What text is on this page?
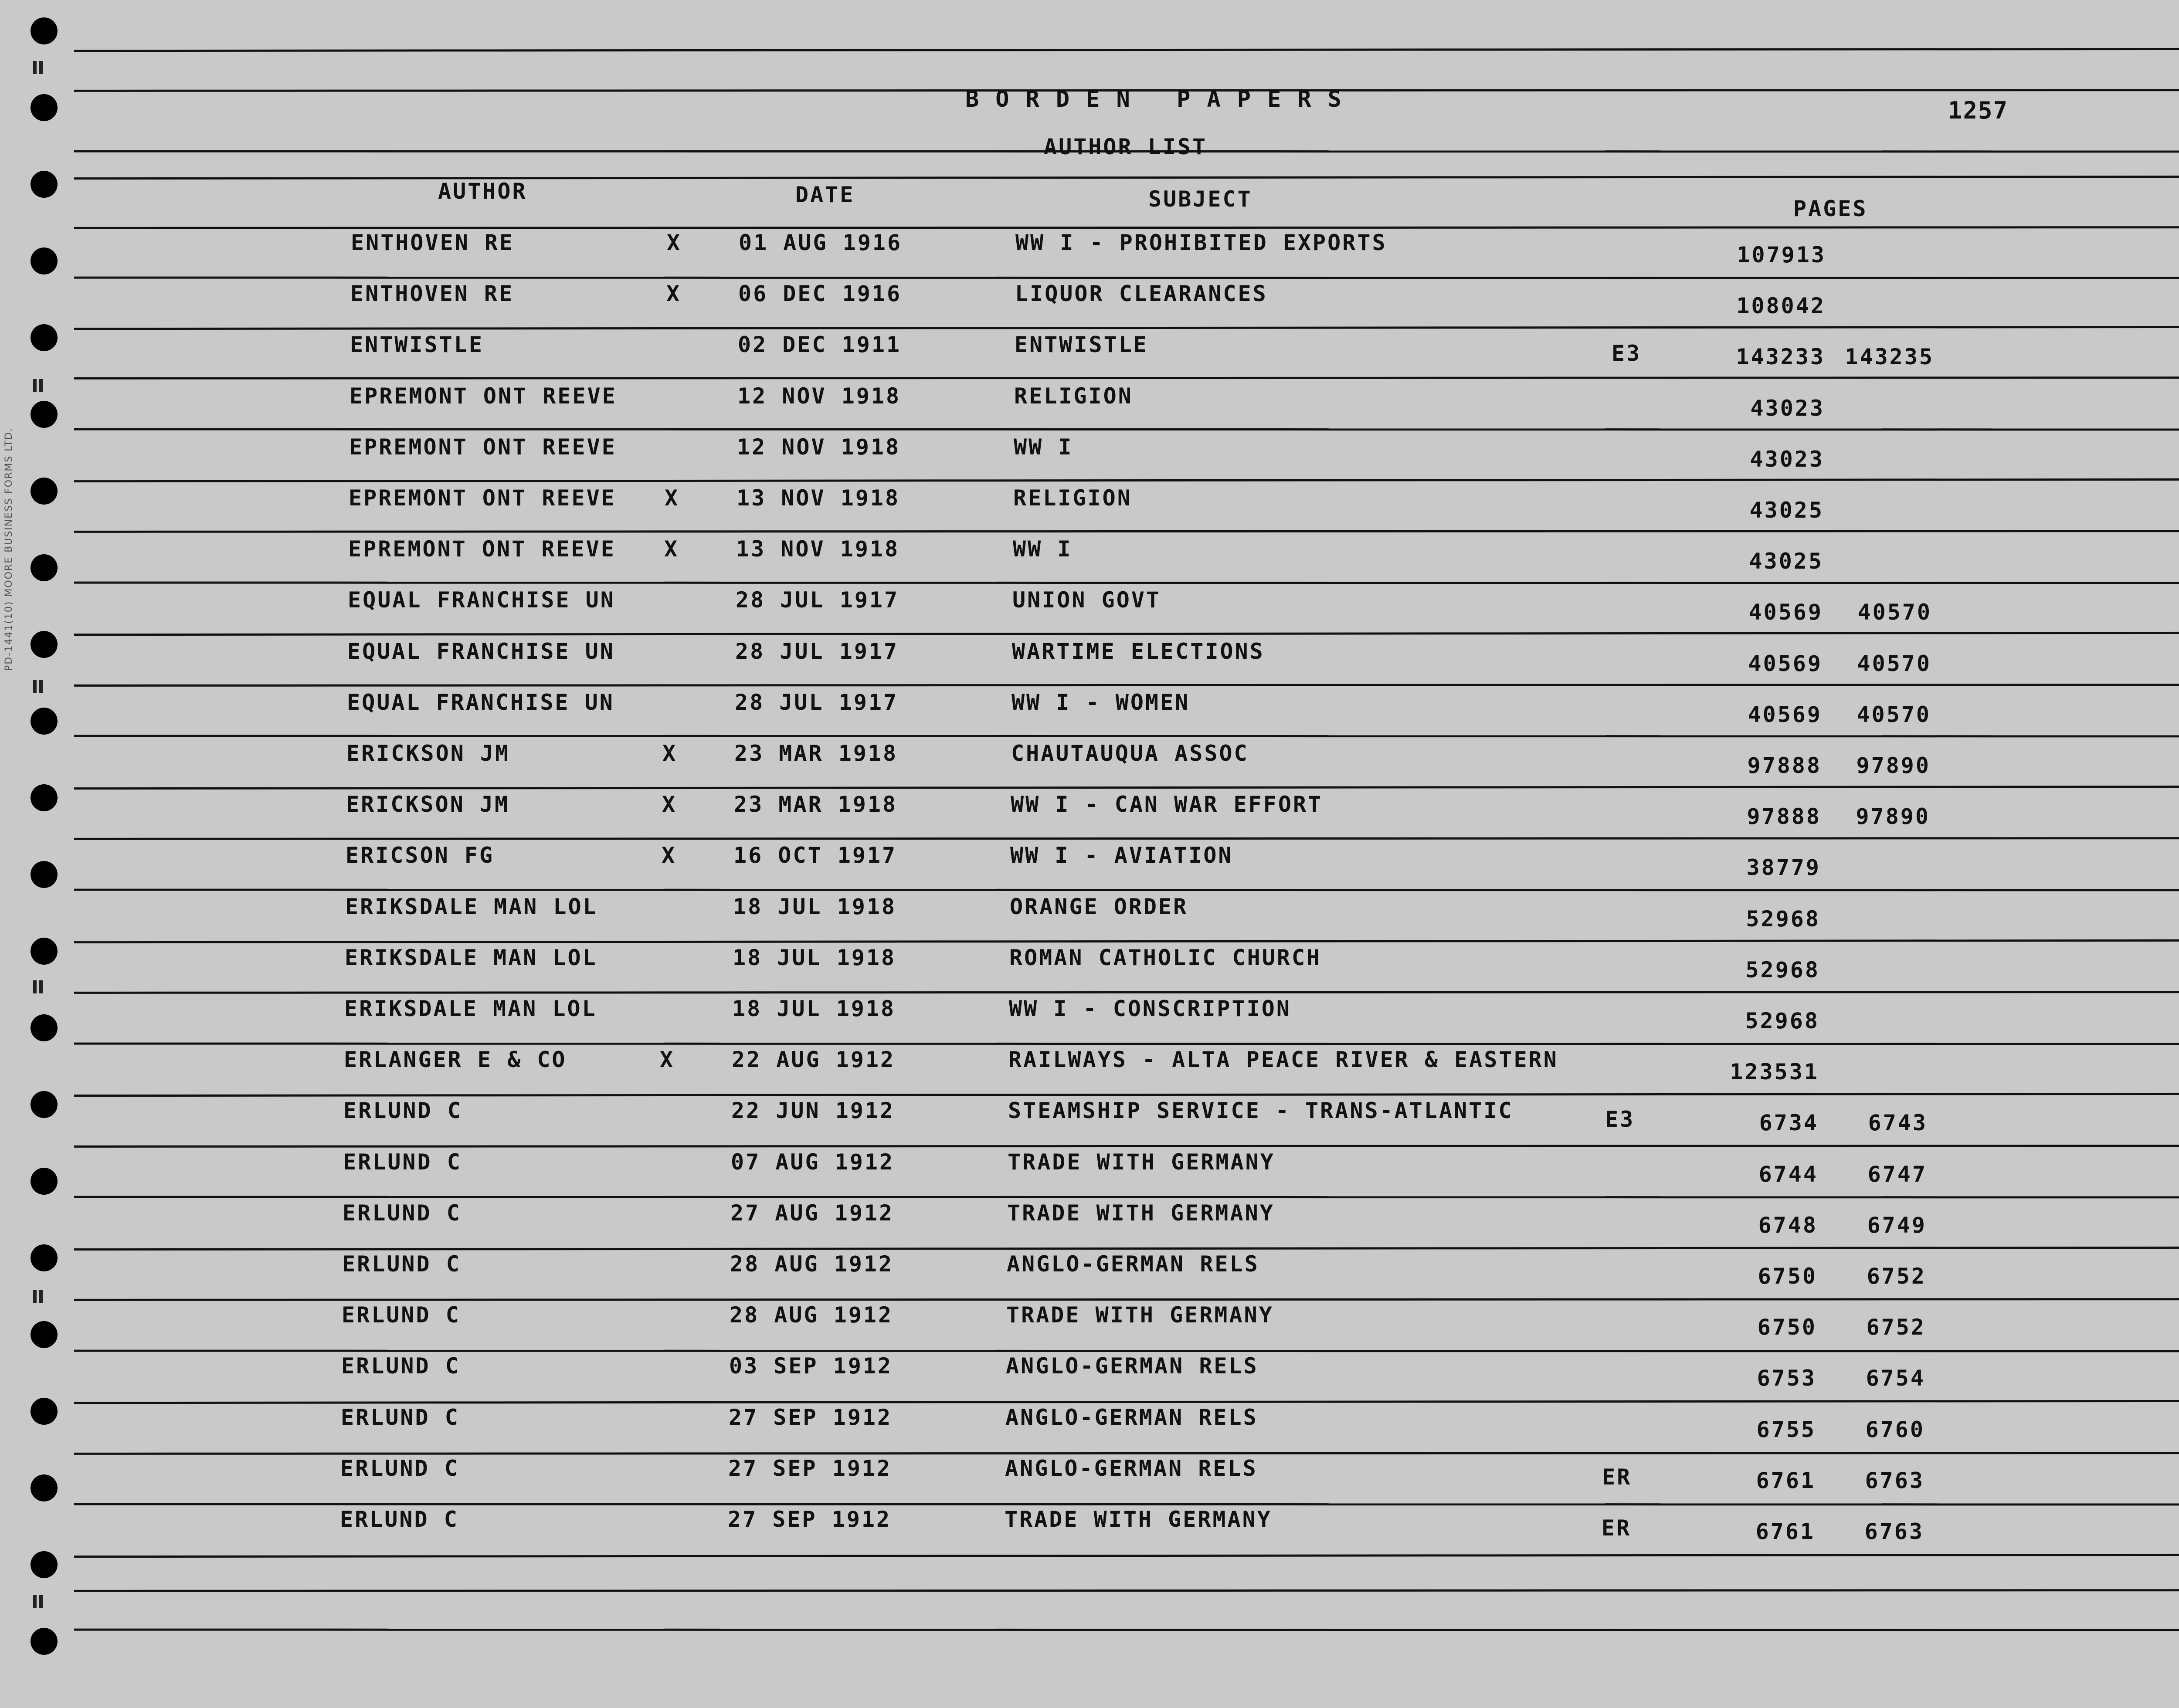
PD-1441(10) MOORE BUSINESS FORMS LTD.
BORDEN PAPERS	1257
AUTHOR LIST
AUTHOR	DATE	SUBJECT	PAGES
ENTHOVEN RE	X	01 AUG 1916	WW I - PROHIBITED EXPORTS	107913
ENTHOVEN RE	X	06 DEC 1916	LIQUOR CLEARANCES	108042
ENTWISTLE	02 DEC 1911	ENTWISTLE	E3	143233 143235
EPREMONT ONT REEVE	12 NOV 1918	RELIGION	43023
EPREMONT ONT REEVE	12 NOV 1918	WW I	43023
EPREMONT ONT REEVE X	13 NOV 1918	RELIGION	43025
EPREMONT ONT REEVE X	13 NOV 1918	WW I	43025
EQUAL FRANCHISE UN	28 JUL 1917	UNION GOVT	40569	40570
EQUAL FRANCHISE UN	28 JUL 1917	WARTIME ELECTIONS	40569	40570
EQUAL FRANCHISE UN	28 JUL 1917	WW I - WOMEN	40569	40570
ERICKSON JM	X	23 MAR 1918	CHAUTAUQUA ASSOC	97888	97890
ERICKSON JM	X	23 MAR 1918	WW I - CAN WAR EFFORT	97888	97890
ERICSON FG	X	16 OCT 1917	WW I - AVIATION	38779
ERIKSDALE MAN LOL	18 JUL 1918	ORANGE ORDER	52968
ERIKSDALE MAN LOL	18 JUL 1918	ROMAN CATHOLIC CHURCH	52968
ERIKSDALE MAN LOL	18 JUL 1918	WW I - CONSCRIPTION	52968
ERLANGER E & CO	X	22 AUG 1912	RAILWAYS - ALTA PEACE RIVER & EASTERN	123531
ERLUND C	22 JUN 1912	STEAMSHIP SERVICE - TRANS-ATLANTIC	E3	6734	6743
ERLUND C	07 AUG 1912	TRADE WITH GERMANY	6744	6747
ERLUND C	27 AUG 1912	TRADE WITH GERMANY	6748	6749
ERLUND C	28 AUG 1912	ANGLO-GERMAN RELS	6750	6752
ERLUND C	28 AUG 1912	TRADE WITH GERMANY	6750	6752
ERLUND C	03 SEP 1912	ANGLO-GERMAN RELS	6753	6754
ERLUND C	27 SEP 1912	ANGLO-GERMAN RELS	6755	6760
ERLUND C	27 SEP 1912	ANGLO-GERMAN RELS	ER	6761	6763
ERLUND C	27 SEP 1912	TRADE WITH GERMANY	ER	6761	6763
